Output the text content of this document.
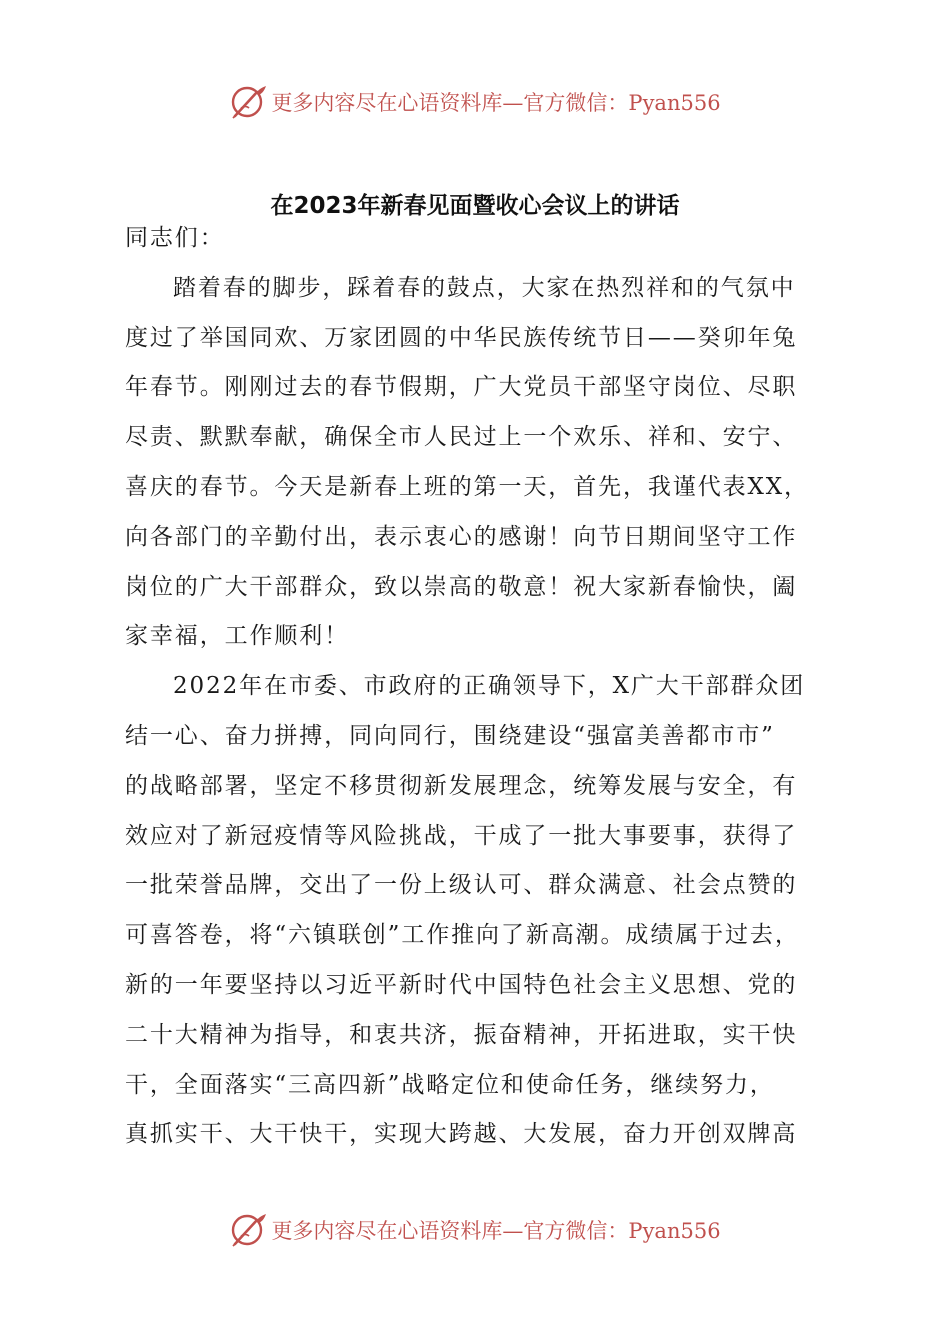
更多内容尽在心语资料库—官方微信：Pyan556
在2023年新春见面暨收心会议上的讲话
同志们：
踏着春的脚步，踩着春的鼓点，大家在热烈祥和的气氛中
度过了举国同欢、万家团圆的中华民族传统节日——癸卯年兔
年春节。刚刚过去的春节假期，广大党员干部坚守岗位、尽职
尽责、默默奉献，确保全市人民过上一个欢乐、祥和、安宁、
喜庆的春节。今天是新春上班的第一天，首先，我谨代表XX，
向各部门的辛勤付出，表示衷心的感谢！向节日期间坚守工作
岗位的广大干部群众，致以崇高的敬意！祝大家新春愉快，阖
家幸福，工作顺利！
2022年在市委、市政府的正确领导下，X广大干部群众团
结一心、奋力拼搏，同向同行，围绕建设“强富美善都市市”
的战略部署，坚定不移贯彻新发展理念，统筹发展与安全，有
效应对了新冠疫情等风险挑战，干成了一批大事要事，获得了
一批荣誉品牌，交出了一份上级认可、群众满意、社会点赞的
可喜答卷，将“六镇联创”工作推向了新高潮。成绩属于过去，
新的一年要坚持以习近平新时代中国特色社会主义思想、党的
二十大精神为指导，和衷共济，振奋精神，开拓进取，实干快
干，全面落实“三高四新”战略定位和使命任务，继续努力，
真抓实干、大干快干，实现大跨越、大发展，奋力开创双牌高
更多内容尽在心语资料库—官方微信：Pyan556
